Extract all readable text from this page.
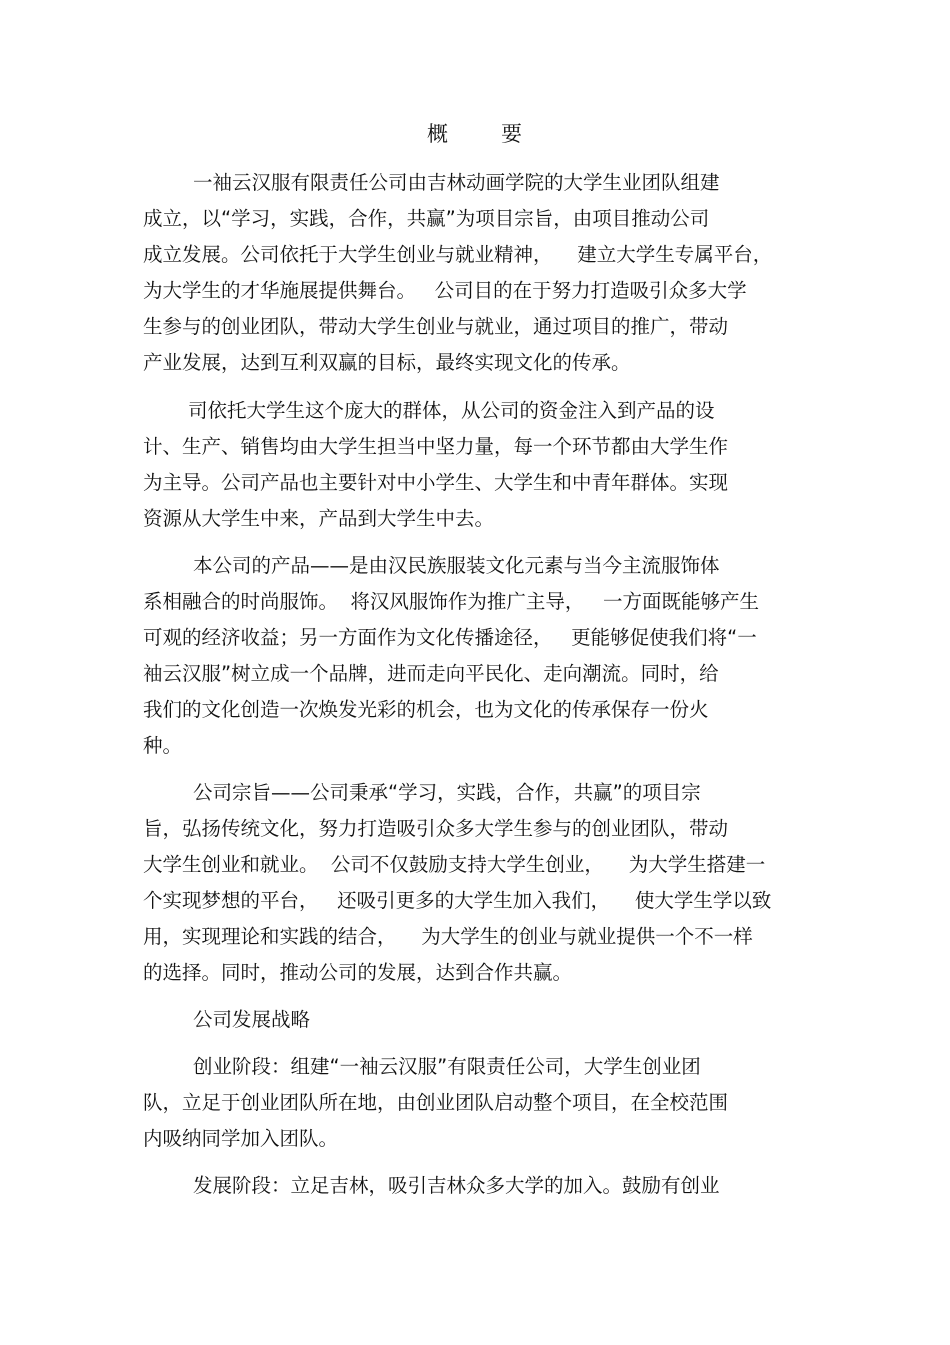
概 要
一袖云汉服有限责任公司由吉林动画学院的大学生业团队组建
成立，以“学习，实践，合作，共赢”为项目宗旨，由项目推动公司
成立发展。公司依托于大学生创业与就业精神，    建立大学生专属平台，
为大学生的才华施展提供舞台。   公司目的在于努力打造吸引众多大学
生参与的创业团队，带动大学生创业与就业，通过项目的推广，带动
产业发展，达到互利双赢的目标，最终实现文化的传承。
司依托大学生这个庞大的群体，从公司的资金注入到产品的设
计、生产、销售均由大学生担当中坚力量，每一个环节都由大学生作
为主导。公司产品也主要针对中小学生、大学生和中青年群体。实现
资源从大学生中来，产品到大学生中去。
本公司的产品——是由汉民族服装文化元素与当今主流服饰体
系相融合的时尚服饰。  将汉风服饰作为推广主导，   一方面既能够产生
可观的经济收益；另一方面作为文化传播途径，   更能够促使我们将“一
袖云汉服”树立成一个品牌，进而走向平民化、走向潮流。同时，给
我们的文化创造一次焕发光彩的机会，也为文化的传承保存一份火
种。
公司宗旨——公司秉承“学习，实践，合作，共赢”的项目宗
旨，弘扬传统文化，努力打造吸引众多大学生参与的创业团队，带动
大学生创业和就业。  公司不仅鼓励支持大学生创业，    为大学生搭建一
个实现梦想的平台，   还吸引更多的大学生加入我们，    使大学生学以致
用，实现理论和实践的结合，    为大学生的创业与就业提供一个不一样
的选择。同时，推动公司的发展，达到合作共赢。
公司发展战略
创业阶段：组建“一袖云汉服”有限责任公司，大学生创业团
队，立足于创业团队所在地，由创业团队启动整个项目，在全校范围
内吸纳同学加入团队。
发展阶段：立足吉林，吸引吉林众多大学的加入。鼓励有创业
